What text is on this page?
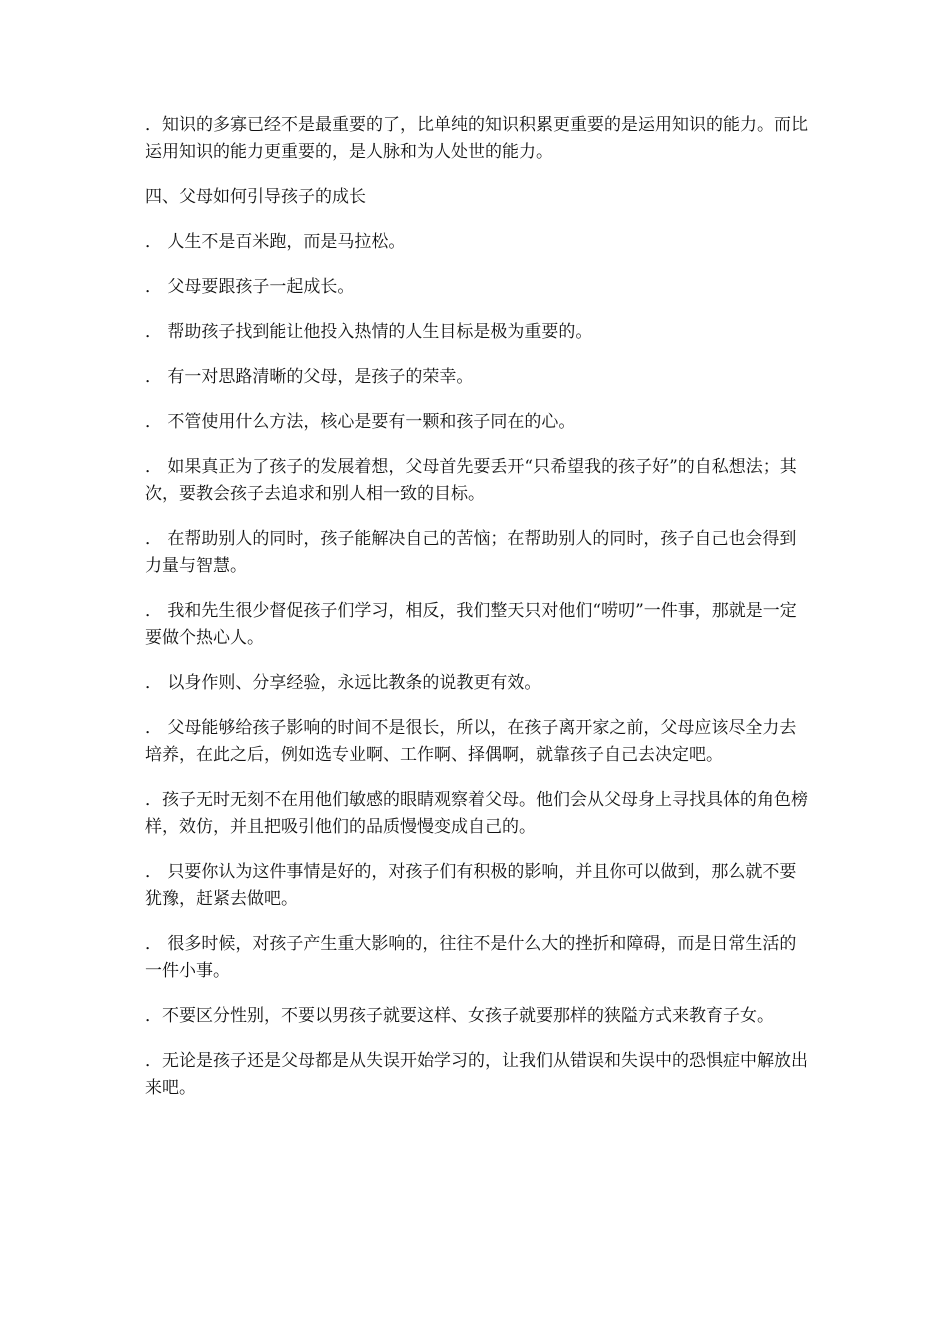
．知识的多寡已经不是最重要的了，比单纯的知识积累更重要的是运用知识的能力。而比运用知识的能力更重要的，是人脉和为人处世的能力。

四、父母如何引导孩子的成长

． 人生不是百米跑，而是马拉松。

． 父母要跟孩子一起成长。

． 帮助孩子找到能让他投入热情的人生目标是极为重要的。

． 有一对思路清晰的父母，是孩子的荣幸。

． 不管使用什么方法，核心是要有一颗和孩子同在的心。

． 如果真正为了孩子的发展着想，父母首先要丢开“只希望我的孩子好”的自私想法；其次，要教会孩子去追求和别人相一致的目标。

． 在帮助别人的同时，孩子能解决自己的苦恼；在帮助别人的同时，孩子自己也会得到力量与智慧。

． 我和先生很少督促孩子们学习，相反，我们整天只对他们“唠叨”一件事，那就是一定要做个热心人。

． 以身作则、分享经验，永远比教条的说教更有效。

． 父母能够给孩子影响的时间不是很长，所以，在孩子离开家之前，父母应该尽全力去培养，在此之后，例如选专业啊、工作啊、择偶啊，就靠孩子自己去决定吧。

．孩子无时无刻不在用他们敏感的眼睛观察着父母。他们会从父母身上寻找具体的角色榜样，效仿，并且把吸引他们的品质慢慢变成自己的。

． 只要你认为这件事情是好的，对孩子们有积极的影响，并且你可以做到，那么就不要犹豫，赶紧去做吧。

． 很多时候，对孩子产生重大影响的，往往不是什么大的挫折和障碍，而是日常生活的一件小事。

．不要区分性别，不要以男孩子就要这样、女孩子就要那样的狭隘方式来教育子女。

．无论是孩子还是父母都是从失误开始学习的，让我们从错误和失误中的恐惧症中解放出来吧。
